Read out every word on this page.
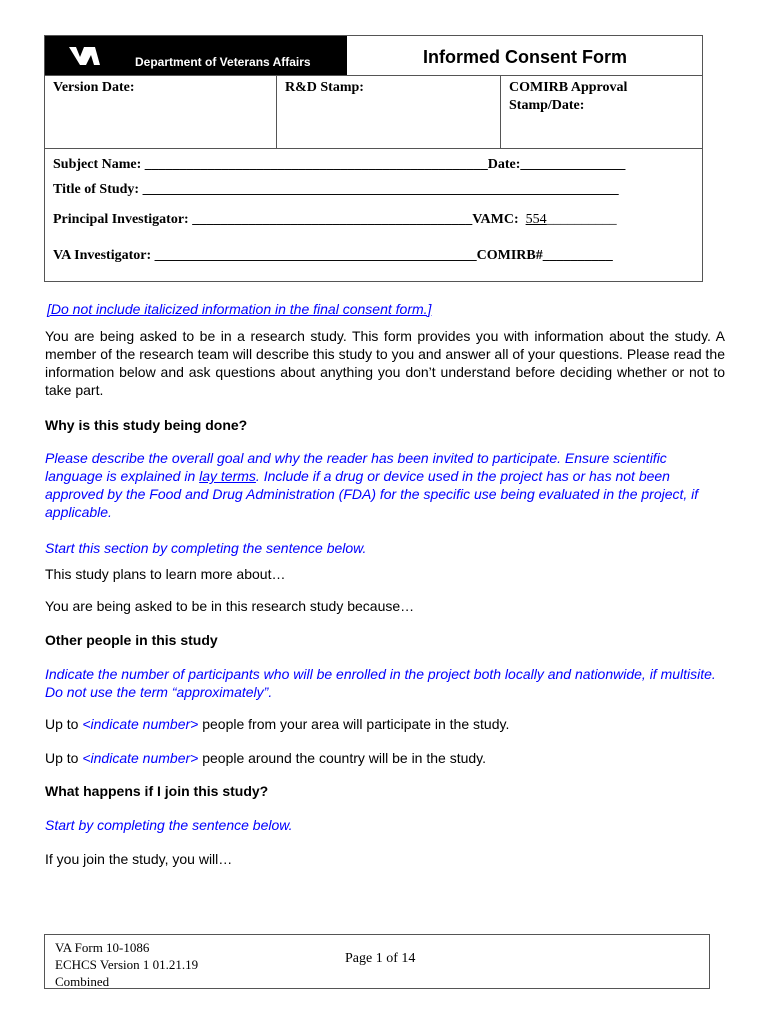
Department of Veterans Affairs	Informed Consent Form
Version Date:	R&D Stamp:	COMIRB Approval Stamp/Date:
Subject Name: _________________________________________________Date:_______________
Title of Study: ____________________________________________________________________
Principal Investigator: ________________________________________VAMC: 554__________
VA Investigator: ______________________________________________COMIRB#__________
[Do not include italicized information in the final consent form.]
You are being asked to be in a research study. This form provides you with information about the study. A member of the research team will describe this study to you and answer all of your questions. Please read the information below and ask questions about anything you don’t understand before deciding whether or not to take part.
Why is this study being done?
Please describe the overall goal and why the reader has been invited to participate. Ensure scientific language is explained in lay terms. Include if a drug or device used in the project has or has not been approved by the Food and Drug Administration (FDA) for the specific use being evaluated in the project, if applicable.
Start this section by completing the sentence below.
This study plans to learn more about…
You are being asked to be in this research study because…
Other people in this study
Indicate the number of participants who will be enrolled in the project both locally and nationwide, if multisite. Do not use the term “approximately”.
Up to <indicate number> people from your area will participate in the study.
Up to <indicate number> people around the country will be in the study.
What happens if I join this study?
Start by completing the sentence below.
If you join the study, you will…
VA Form 10-1086
ECHCS Version 1 01.21.19
Combined
Page 1 of 14
